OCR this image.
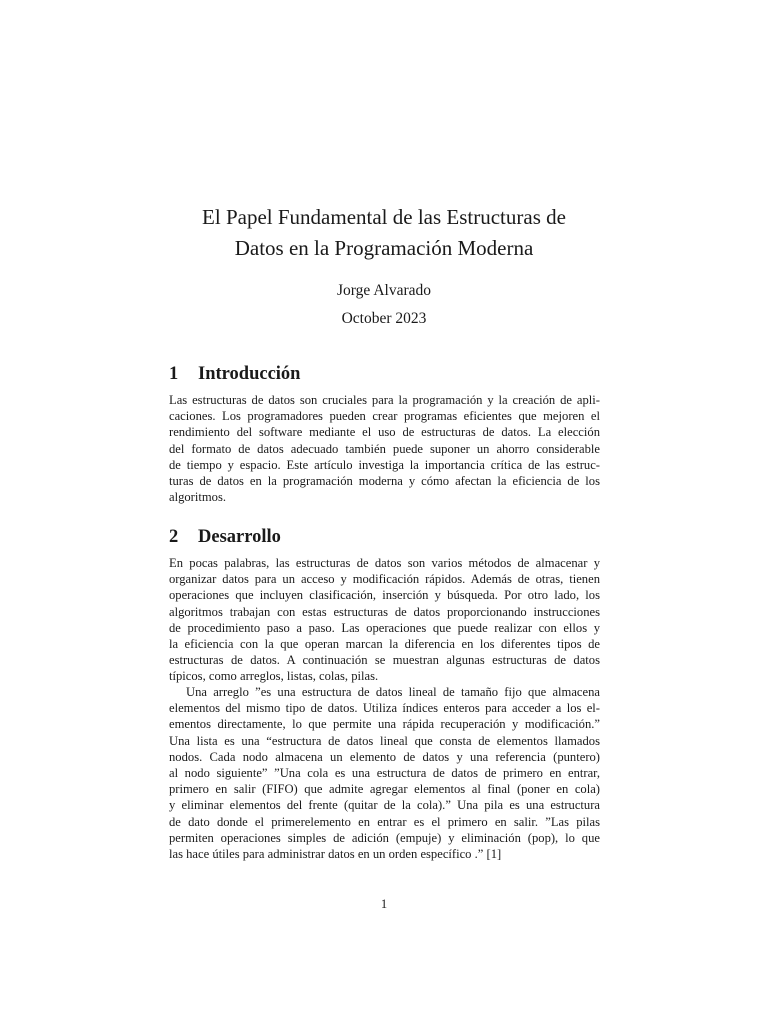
El Papel Fundamental de las Estructuras de
Datos en la Programación Moderna
Jorge Alvarado
October 2023
1 Introducción
Las estructuras de datos son cruciales para la programación y la creación de apli-
caciones. Los programadores pueden crear programas eficientes que mejoren el
rendimiento del software mediante el uso de estructuras de datos. La elección
del formato de datos adecuado también puede suponer un ahorro considerable
de tiempo y espacio. Este artículo investiga la importancia crítica de las estruc-
turas de datos en la programación moderna y cómo afectan la eficiencia de los
algoritmos.
2 Desarrollo
En pocas palabras, las estructuras de datos son varios métodos de almacenar y
organizar datos para un acceso y modificación rápidos. Además de otras, tienen
operaciones que incluyen clasificación, inserción y búsqueda. Por otro lado, los
algoritmos trabajan con estas estructuras de datos proporcionando instrucciones
de procedimiento paso a paso. Las operaciones que puede realizar con ellos y
la eficiencia con la que operan marcan la diferencia en los diferentes tipos de
estructuras de datos. A continuación se muestran algunas estructuras de datos
típicos, como arreglos, listas, colas, pilas.
Una arreglo ”es una estructura de datos lineal de tamaño fijo que almacena
elementos del mismo tipo de datos. Utiliza índices enteros para acceder a los el-
ementos directamente, lo que permite una rápida recuperación y modificación.”
Una lista es una “estructura de datos lineal que consta de elementos llamados
nodos. Cada nodo almacena un elemento de datos y una referencia (puntero)
al nodo siguiente” ”Una cola es una estructura de datos de primero en entrar,
primero en salir (FIFO) que admite agregar elementos al final (poner en cola)
y eliminar elementos del frente (quitar de la cola).” Una pila es una estructura
de dato donde el primerelemento en entrar es el primero en salir. ”Las pilas
permiten operaciones simples de adición (empuje) y eliminación (pop), lo que
las hace útiles para administrar datos en un orden específico .” [1]
1
